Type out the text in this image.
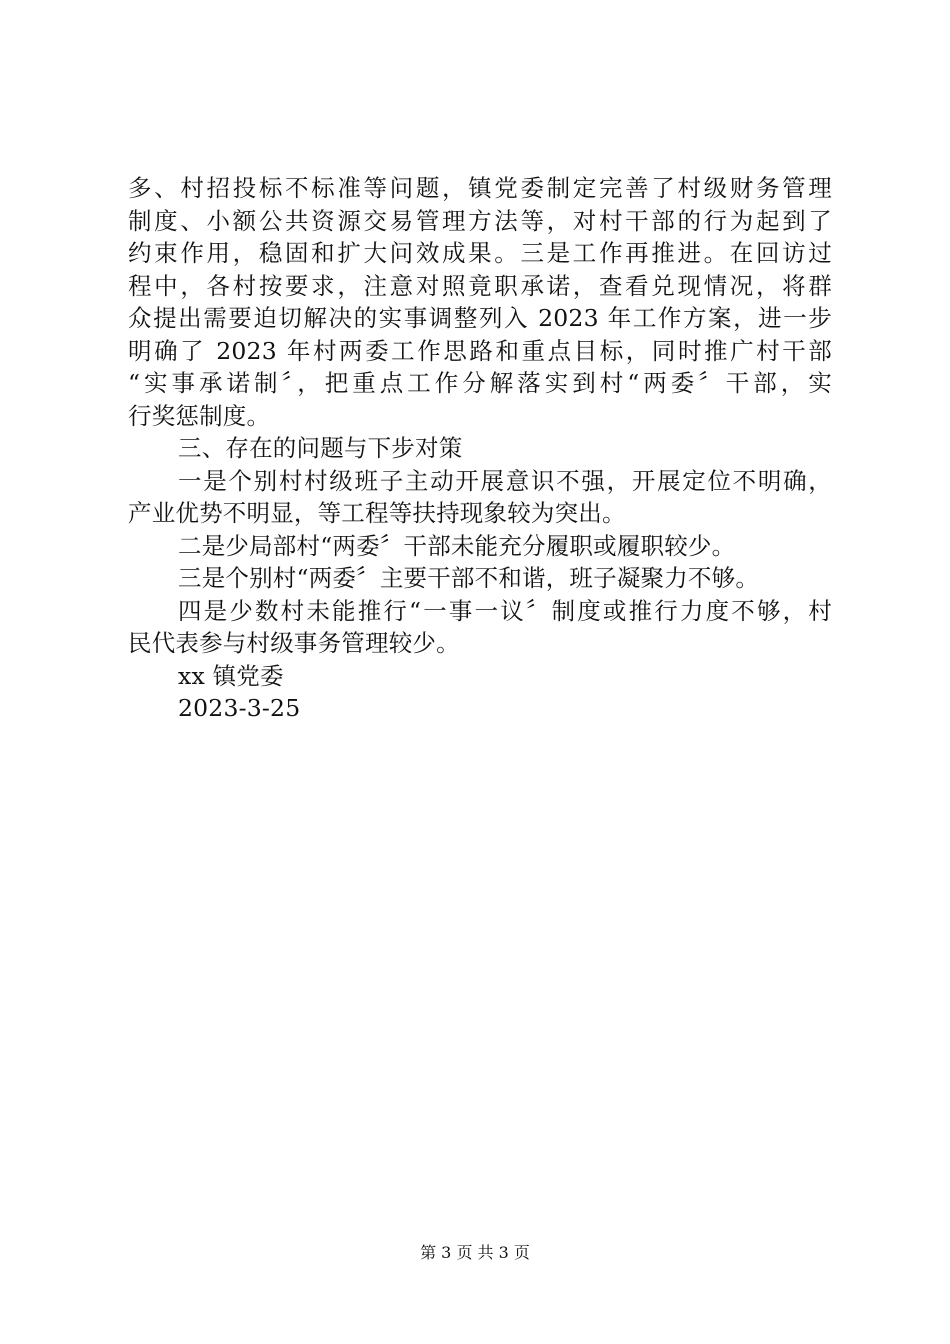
多、村招投标不标准等问题，镇党委制定完善了村级财务管理
制度、小额公共资源交易管理方法等，对村干部的行为起到了
约束作用，稳固和扩大问效成果。三是工作再推进。在回访过
程中，各村按要求，注意对照竟职承诺，查看兑现情况，将群
众提出需要迫切解决的实事调整列入 2023 年工作方案，进一步
明确了 2023 年村两委工作思路和重点目标，同时推广村干部
“实事承诺制〞，把重点工作分解落实到村“两委〞干部，实
行奖惩制度。
三、存在的问题与下步对策
一是个别村村级班子主动开展意识不强，开展定位不明确，
产业优势不明显，等工程等扶持现象较为突出。
二是少局部村“两委〞干部未能充分履职或履职较少。
三是个别村“两委〞主要干部不和谐，班子凝聚力不够。
四是少数村未能推行“一事一议〞制度或推行力度不够，村
民代表参与村级事务管理较少。
xx 镇党委
2023-3-25
第 3 页 共 3 页
